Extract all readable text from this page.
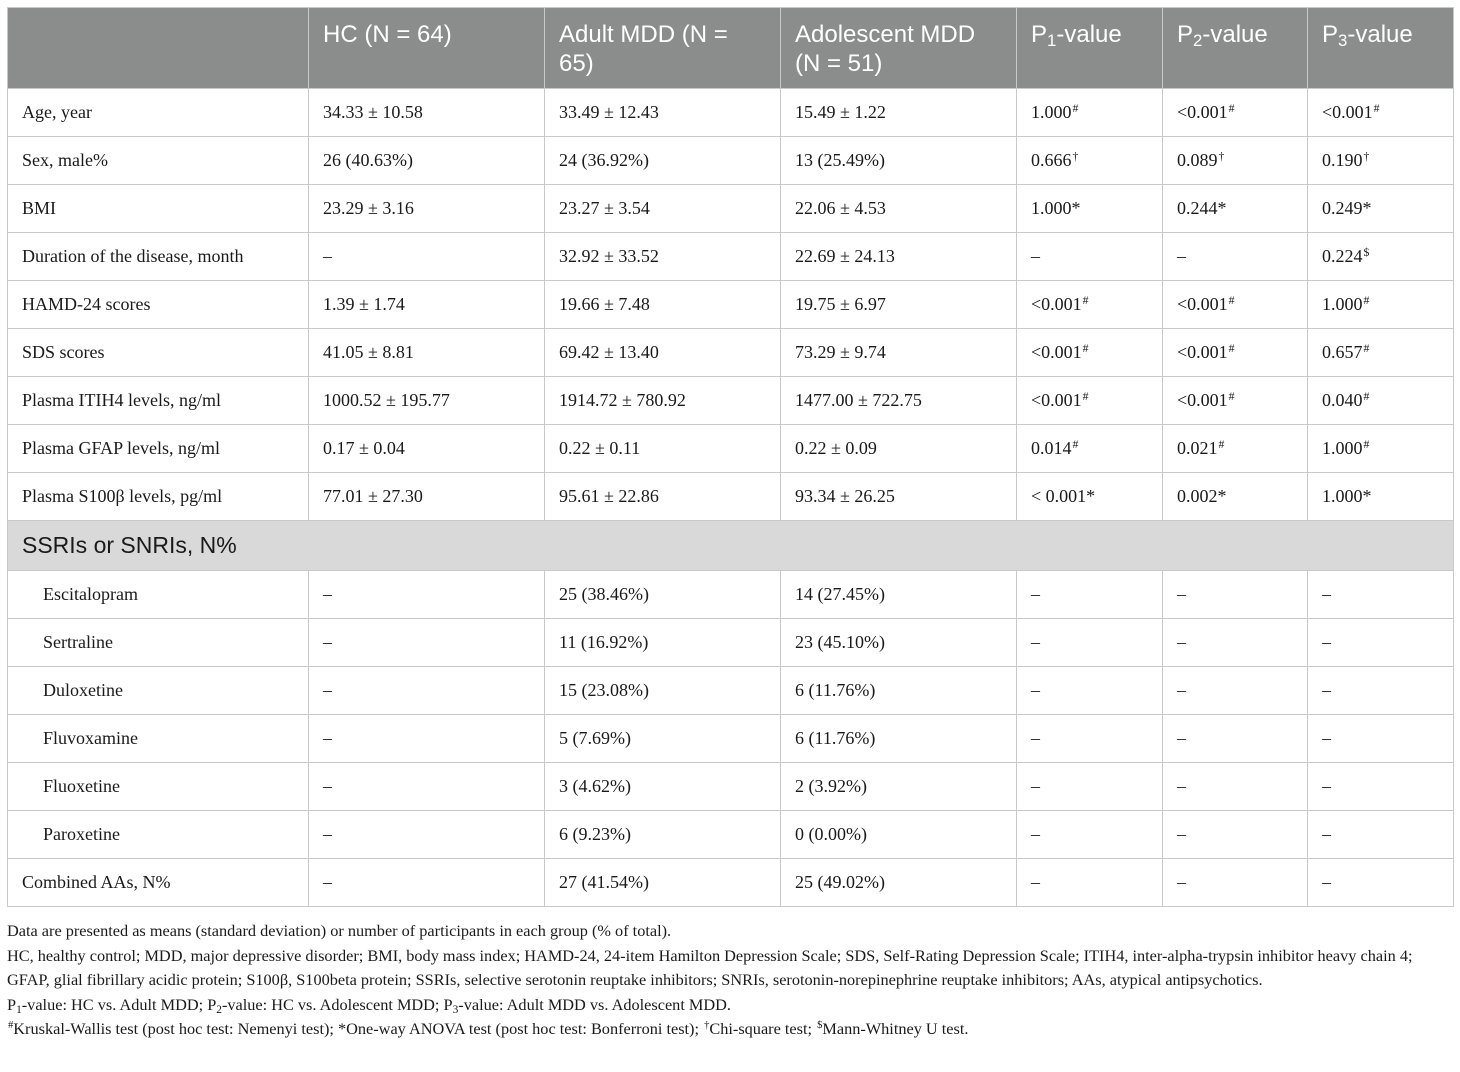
	HC (N = 64)	Adult MDD (N = 65)	Adolescent MDD (N = 51)	$P_1$-value	$P_2$-value	$P_3$-value
Age, year	34.33 ± 10.58	33.49 ± 12.43	15.49 ± 1.22	1.000#	<0.001#	<0.001#
Sex, male%	26 (40.63%)	24 (36.92%)	13 (25.49%)	0.666†	0.089†	0.190†
BMI	23.29 ± 3.16	23.27 ± 3.54	22.06 ± 4.53	1.000*	0.244*	0.249*
Duration of the disease, month	–	32.92 ± 33.52	22.69 ± 24.13	–	–	0.224$
HAMD-24 scores	1.39 ± 1.74	19.66 ± 7.48	19.75 ± 6.97	<0.001#	<0.001#	1.000#
SDS scores	41.05 ± 8.81	69.42 ± 13.40	73.29 ± 9.74	<0.001#	<0.001#	0.657#
Plasma ITIH4 levels, ng/ml	1000.52 ± 195.77	1914.72 ± 780.92	1477.00 ± 722.75	<0.001#	<0.001#	0.040#
Plasma GFAP levels, ng/ml	0.17 ± 0.04	0.22 ± 0.11	0.22 ± 0.09	0.014#	0.021#	1.000#
Plasma S100β levels, pg/ml	77.01 ± 27.30	95.61 ± 22.86	93.34 ± 26.25	< 0.001*	0.002*	1.000*
SSRIs or SNRIs, N%						
Escitalopram	–	25 (38.46%)	14 (27.45%)	–	–	–
Sertraline	–	11 (16.92%)	23 (45.10%)	–	–	–
Duloxetine	–	15 (23.08%)	6 (11.76%)	–	–	–
Fluvoxamine	–	5 (7.69%)	6 (11.76%)	–	–	–
Fluoxetine	–	3 (4.62%)	2 (3.92%)	–	–	–
Paroxetine	–	6 (9.23%)	0 (0.00%)	–	–	–
Combined AAs, N%	–	27 (41.54%)	25 (49.02%)	–	–	–

Data are presented as means (standard deviation) or number of participants in each group (% of total).

HC, healthy control; MDD, major depressive disorder; BMI, body mass index; HAMD-24, 24-item Hamilton Depression Scale; SDS, Self-Rating Depression Scale; ITIH4, inter-alpha-trypsin inhibitor heavy chain 4; GFAP, glial fibrillary acidic protein; S100β, S100beta protein; SSRIs, selective serotonin reuptake inhibitors; SNRIs, serotonin-norepinephrine reuptake inhibitors; AAs, atypical antipsychotics.

$P_1$-value: HC vs. Adult MDD; $P_2$-value: HC vs. Adolescent MDD; $P_3$-value: Adult MDD vs. Adolescent MDD.

#Kruskal-Wallis test (post hoc test: Nemenyi test); *One-way ANOVA test (post hoc test: Bonferroni test); †Chi-square test; $Mann-Whitney U test.
